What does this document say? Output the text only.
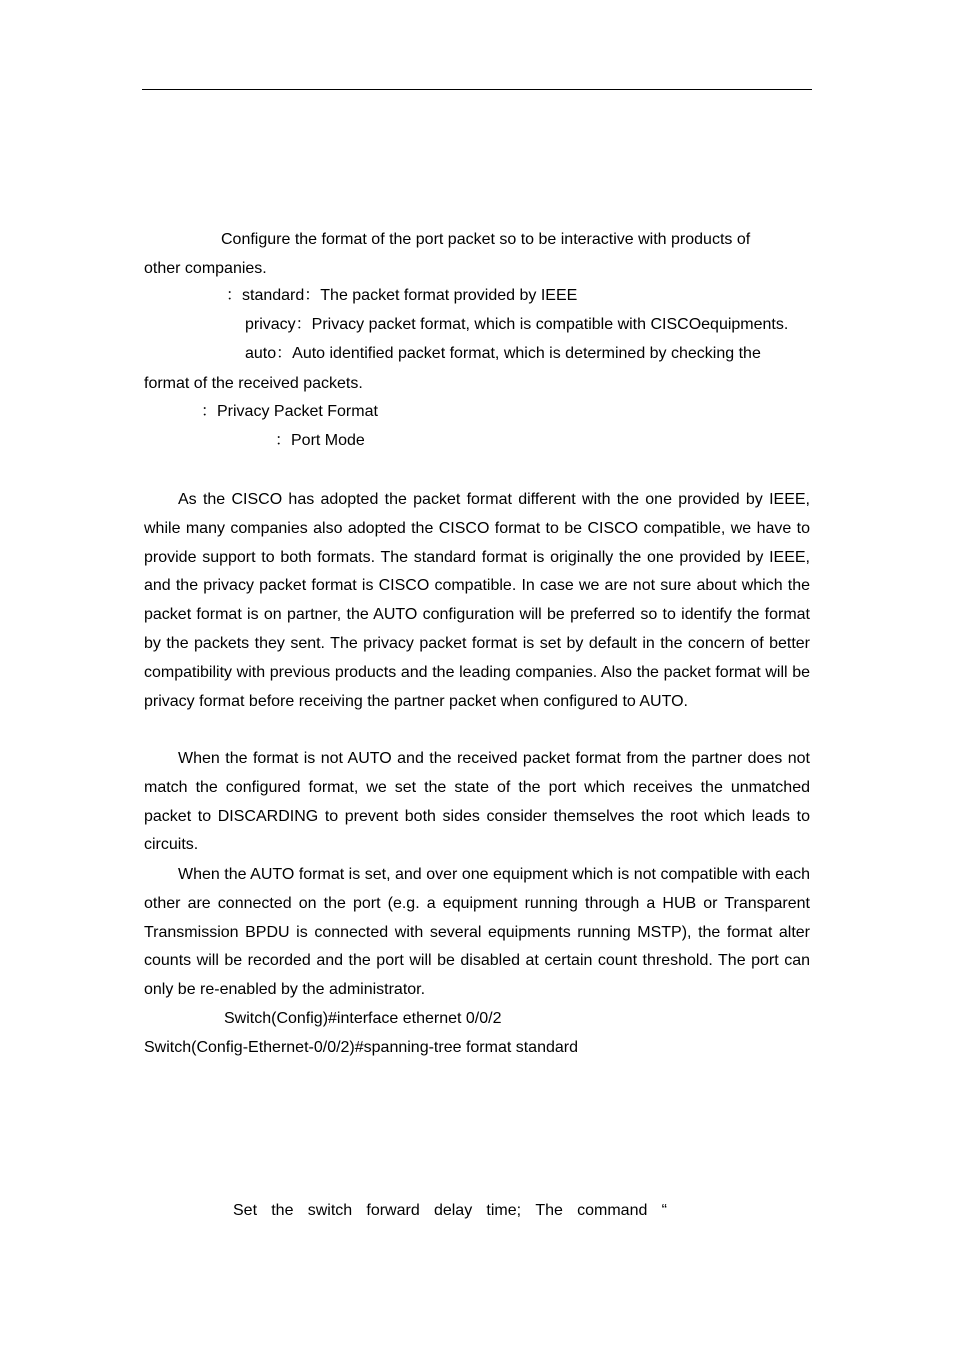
Configure the format of the port packet so to be interactive with products of
other companies.
：standard：The packet format provided by IEEE
privacy：Privacy packet format, which is compatible with CISCOequipments.
auto：Auto identified packet format, which is determined by checking the
format of the received packets.
：Privacy Packet Format
：Port Mode

As the CISCO has adopted the packet format different with the one provided by IEEE, while many companies also adopted the CISCO format to be CISCO compatible, we have to provide support to both formats. The standard format is originally the one provided by IEEE, and the privacy packet format is CISCO compatible. In case we are not sure about which the packet format is on partner, the AUTO configuration will be preferred so to identify the format by the packets they sent. The privacy packet format is set by default in the concern of better compatibility with previous products and the leading companies. Also the packet format will be privacy format before receiving the partner packet when configured to AUTO.

When the format is not AUTO and the received packet format from the partner does not match the configured format, we set the state of the port which receives the unmatched packet to DISCARDING to prevent both sides consider themselves the root which leads to circuits.

When the AUTO format is set, and over one equipment which is not compatible with each other are connected on the port (e.g. a equipment running through a HUB or Transparent Transmission BPDU is connected with several equipments running MSTP), the format alter counts will be recorded and the port will be disabled at certain count threshold. The port can only be re-enabled by the administrator.

Switch(Config)#interface ethernet 0/0/2
Switch(Config-Ethernet-0/0/2)#spanning-tree format standard
Set the switch forward delay time; The command “
